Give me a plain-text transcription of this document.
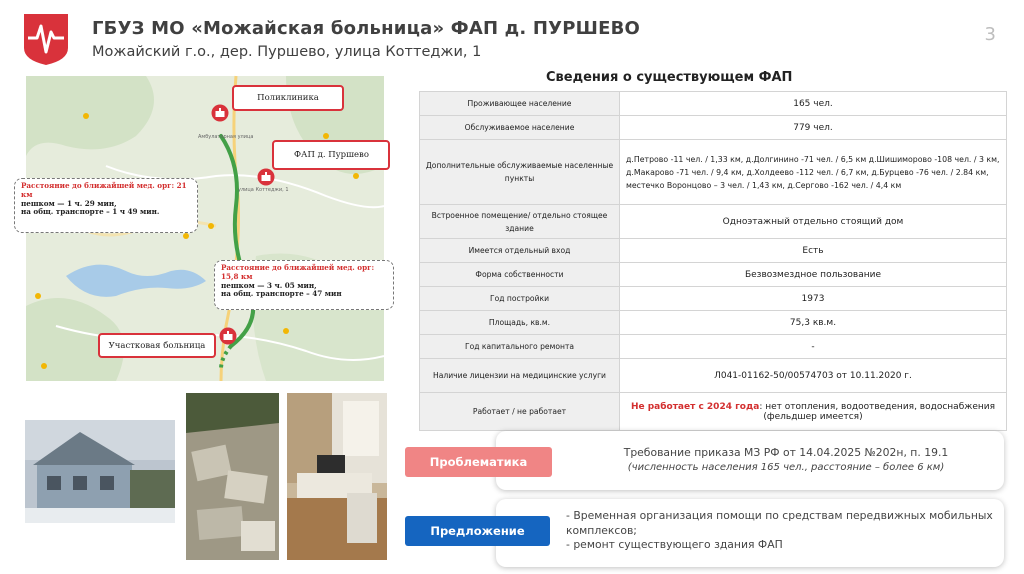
ГБУЗ МО «Можайская больница» ФАП д. ПУРШЕВО
Можайский г.о., дер. Пуршево, улица Коттеджи, 1
3
Амбулаторная улица
улица Коттеджи, 1
Поликлиника
ФАП д. Пуршево
Участковая больница
Расстояние до ближайшей мед. орг: 21 км
пешком — 1 ч. 29 мин,
на общ. транспорте – 1 ч 49 мин.
Расстояние до ближайшей мед. орг: 15,8 км
пешком — 3 ч. 05 мин,
на общ. транспорте – 47 мин
Сведения о существующем ФАП
Проживающее население	165 чел.
Обслуживаемое население	779 чел.
Дополнительные обслуживаемые населенные пункты	д.Петрово -11 чел. / 1,33 км, д.Долгинино -71 чел. / 6,5 км д.Шишиморово -108 чел. / 3 км, д.Макарово -71 чел. / 9,4 км, д.Холдеево -112 чел. / 6,7 км, д.Бурцево -76 чел. / 2.84 км, местечко Воронцово – 3 чел. / 1,43 км, д.Сергово -162 чел. / 4,4 км
Встроенное помещение/ отдельно стоящее здание	Одноэтажный отдельно стоящий дом
Имеется отдельный вход	Есть
Форма собственности	Безвозмездное пользование
Год постройки	1973
Площадь, кв.м.	75,3 кв.м.
Год капитального ремонта	-
Наличие лицензии на медицинские услуги	Л041-01162-50/00574703 от 10.11.2020 г.
Работает / не работает	Не работает с 2024 года: нет отопления, водоотведения, водоснабжения (фельдшер имеется)
Проблематика
Требование приказа МЗ РФ от 14.04.2025 №202н, п. 19.1
(численность населения 165 чел., расстояние – более 6 км)
Предложение
- Временная организация помощи по средствам передвижных мобильных комплексов;
- ремонт существующего здания ФАП
